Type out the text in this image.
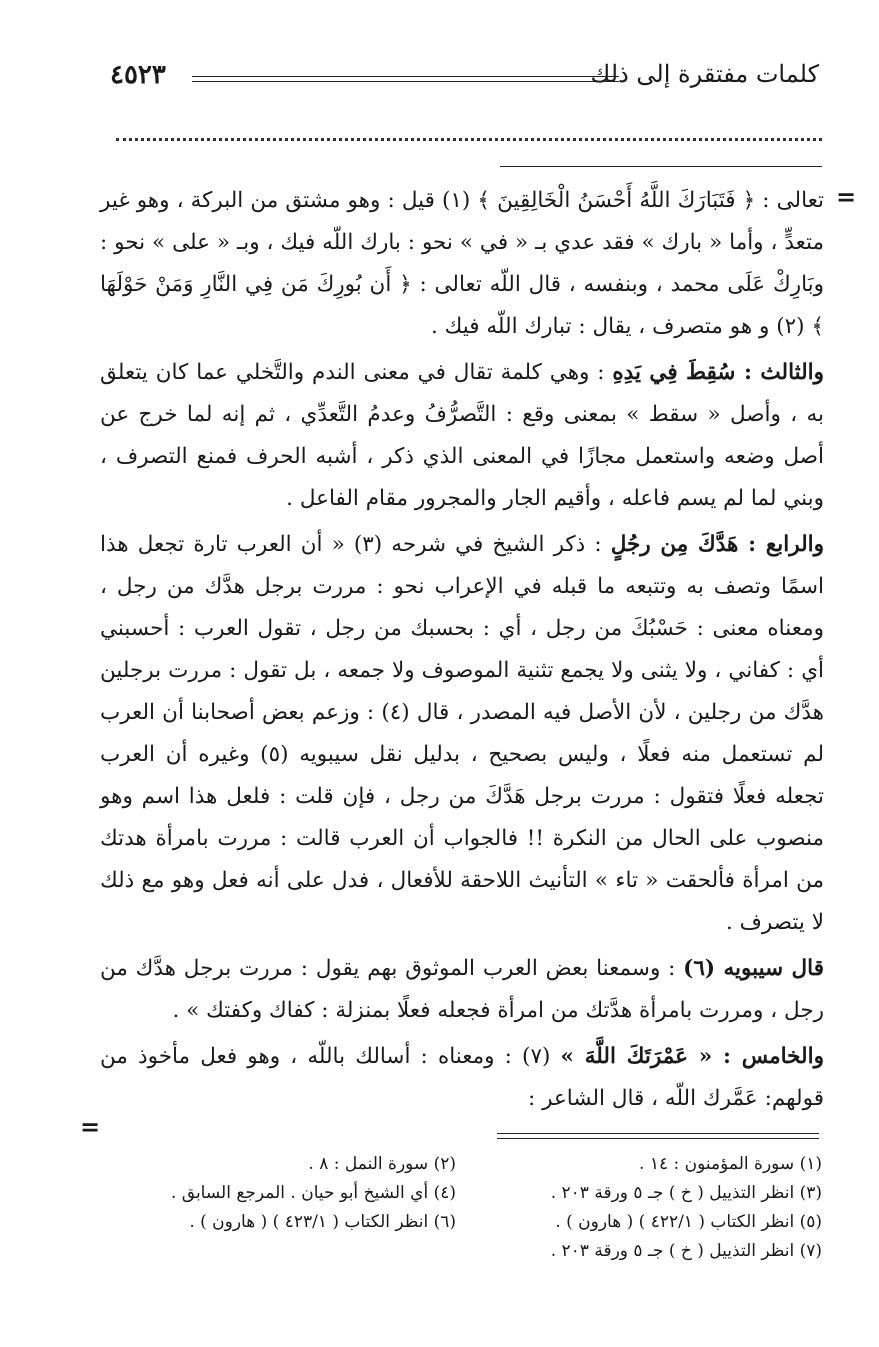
كلمات مفتقرة إلى ذلك
٤٥٢٣
=
=

تعالى : ﴿ فَتَبَارَكَ اللَّهُ أَحْسَنُ الْخَالِقِينَ ﴾ (١) قيل : وهو مشتق من البركة ، وهو غير متعدٍّ ، وأما « بارك » فقد عدي بـ « في » نحو : بارك اللّه فيك ، وبـ « على » نحو : وبَارِكْ عَلَى محمد ، وبنفسه ، قال اللّه تعالى : ﴿ أَن بُورِكَ مَن فِي النَّارِ وَمَنْ حَوْلَهَا ﴾ (٢) و هو متصرف ، يقال : تبارك اللّه فيك .

والثالث : سُقِطَ فِي يَدِهِ : وهي كلمة تقال في معنى الندم والتَّخلي عما كان يتعلق به ، وأصل « سقط » بمعنى وقع : التَّصرُّفُ وعدمُ التَّعدِّي ، ثم إنه لما خرج عن أصل وضعه واستعمل مجازًا في المعنى الذي ذكر ، أشبه الحرف فمنع التصرف ، وبني لما لم يسم فاعله ، وأقيم الجار والمجرور مقام الفاعل .

والرابع : هَدَّكَ مِن رجُلٍ : ذكر الشيخ في شرحه (٣) « أن العرب تارة تجعل هذا اسمًا وتصف به وتتبعه ما قبله في الإعراب نحو : مررت برجل هدَّك من رجل ، ومعناه معنى : حَسْبُكَ من رجل ، أي : بحسبك من رجل ، تقول العرب : أحسبني أي : كفاني ، ولا يثنى ولا يجمع تثنية الموصوف ولا جمعه ، بل تقول : مررت برجلين هدَّك من رجلين ، لأن الأصل فيه المصدر ، قال (٤) : وزعم بعض أصحابنا أن العرب لم تستعمل منه فعلًا ، وليس بصحيح ، بدليل نقل سيبويه (٥) وغيره أن العرب تجعله فعلًا فتقول : مررت برجل هَدَّكَ من رجل ، فإن قلت : فلعل هذا اسم وهو منصوب على الحال من النكرة !! فالجواب أن العرب قالت : مررت بامرأة هدتك من امرأة فألحقت « تاء » التأنيث اللاحقة للأفعال ، فدل على أنه فعل وهو مع ذلك لا يتصرف .

قال سيبويه (٦) : وسمعنا بعض العرب الموثوق بهم يقول : مررت برجل هدَّك من رجل ، ومررت بامرأة هدَّتك من امرأة فجعله فعلًا بمنزلة : كفاك وكفتك » .

والخامس : « عَمْرَتَكَ اللَّهَ » (٧) : ومعناه : أسالك باللّه ، وهو فعل مأخوذ من قولهم: عَمَّرك اللّه ، قال الشاعر :

(١) سورة المؤمنون : ١٤ .
(٢) سورة النمل : ٨ .
(٣) انظر التذييل ( خ ) جـ ٥ ورقة ٢٠٣ .
(٤) أي الشيخ أبو حيان . المرجع السابق .
(٥) انظر الكتاب ( ٤٢٢/١ ) ( هارون ) .
(٦) انظر الكتاب ( ٤٢٣/١ ) ( هارون ) .
(٧) انظر التذييل ( خ ) جـ ٥ ورقة ٢٠٣ .
